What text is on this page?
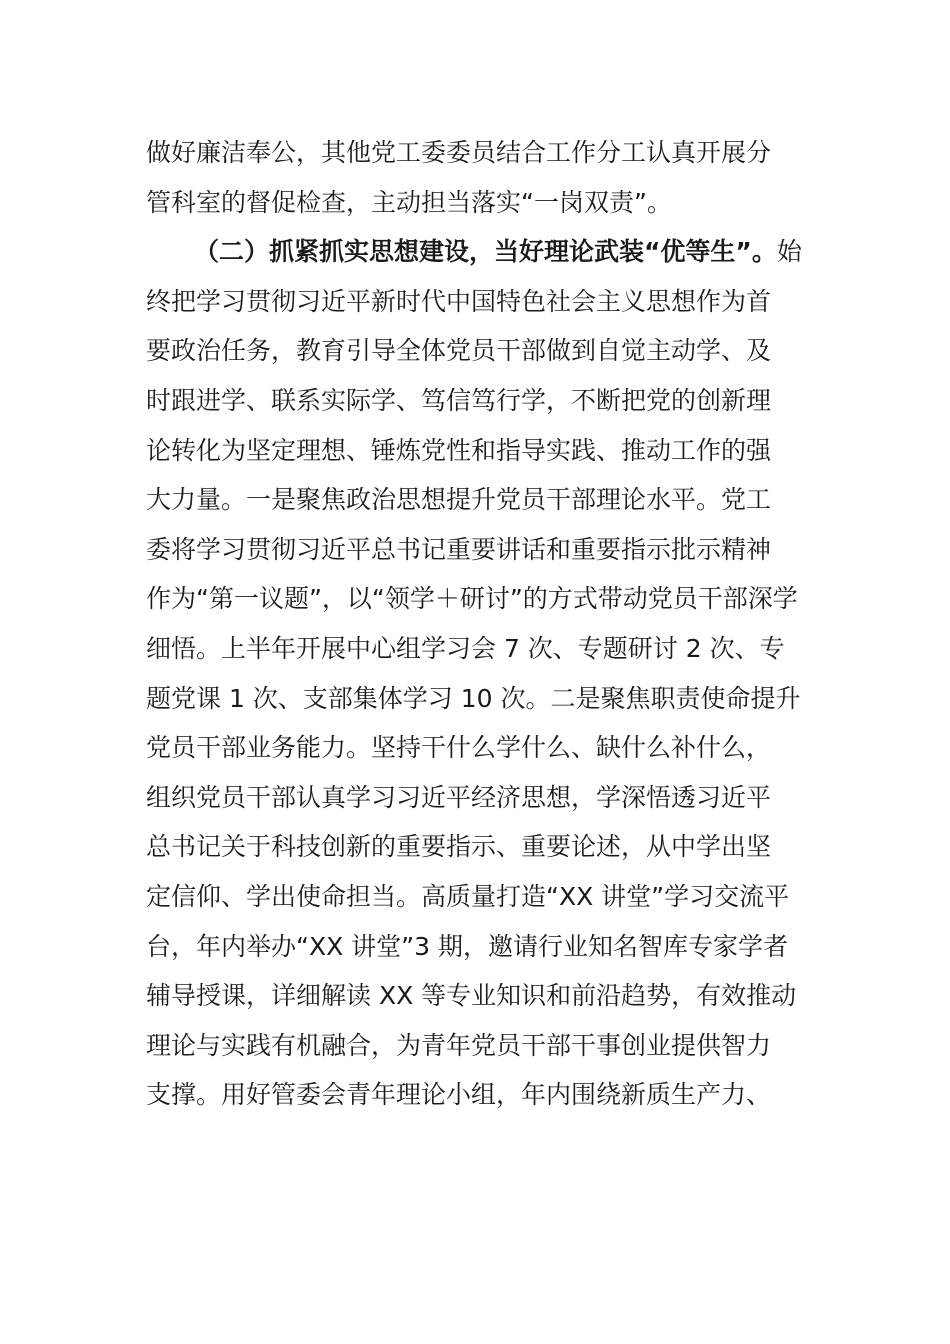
做好廉洁奉公，其他党工委委员结合工作分工认真开展分
管科室的督促检查，主动担当落实“一岗双责”。
（二）抓紧抓实思想建设，当好理论武装“优等生”。始
终把学习贯彻习近平新时代中国特色社会主义思想作为首
要政治任务，教育引导全体党员干部做到自觉主动学、及
时跟进学、联系实际学、笃信笃行学，不断把党的创新理
论转化为坚定理想、锤炼党性和指导实践、推动工作的强
大力量。一是聚焦政治思想提升党员干部理论水平。党工
委将学习贯彻习近平总书记重要讲话和重要指示批示精神
作为“第一议题”，以“领学＋研讨”的方式带动党员干部深学
细悟。上半年开展中心组学习会 7 次、专题研讨 2 次、专
题党课 1 次、支部集体学习 10 次。二是聚焦职责使命提升
党员干部业务能力。坚持干什么学什么、缺什么补什么，
组织党员干部认真学习习近平经济思想，学深悟透习近平
总书记关于科技创新的重要指示、重要论述，从中学出坚
定信仰、学出使命担当。高质量打造“XX 讲堂”学习交流平
台，年内举办“XX 讲堂”3 期，邀请行业知名智库专家学者
辅导授课，详细解读 XX 等专业知识和前沿趋势，有效推动
理论与实践有机融合，为青年党员干部干事创业提供智力
支撑。用好管委会青年理论小组，年内围绕新质生产力、
